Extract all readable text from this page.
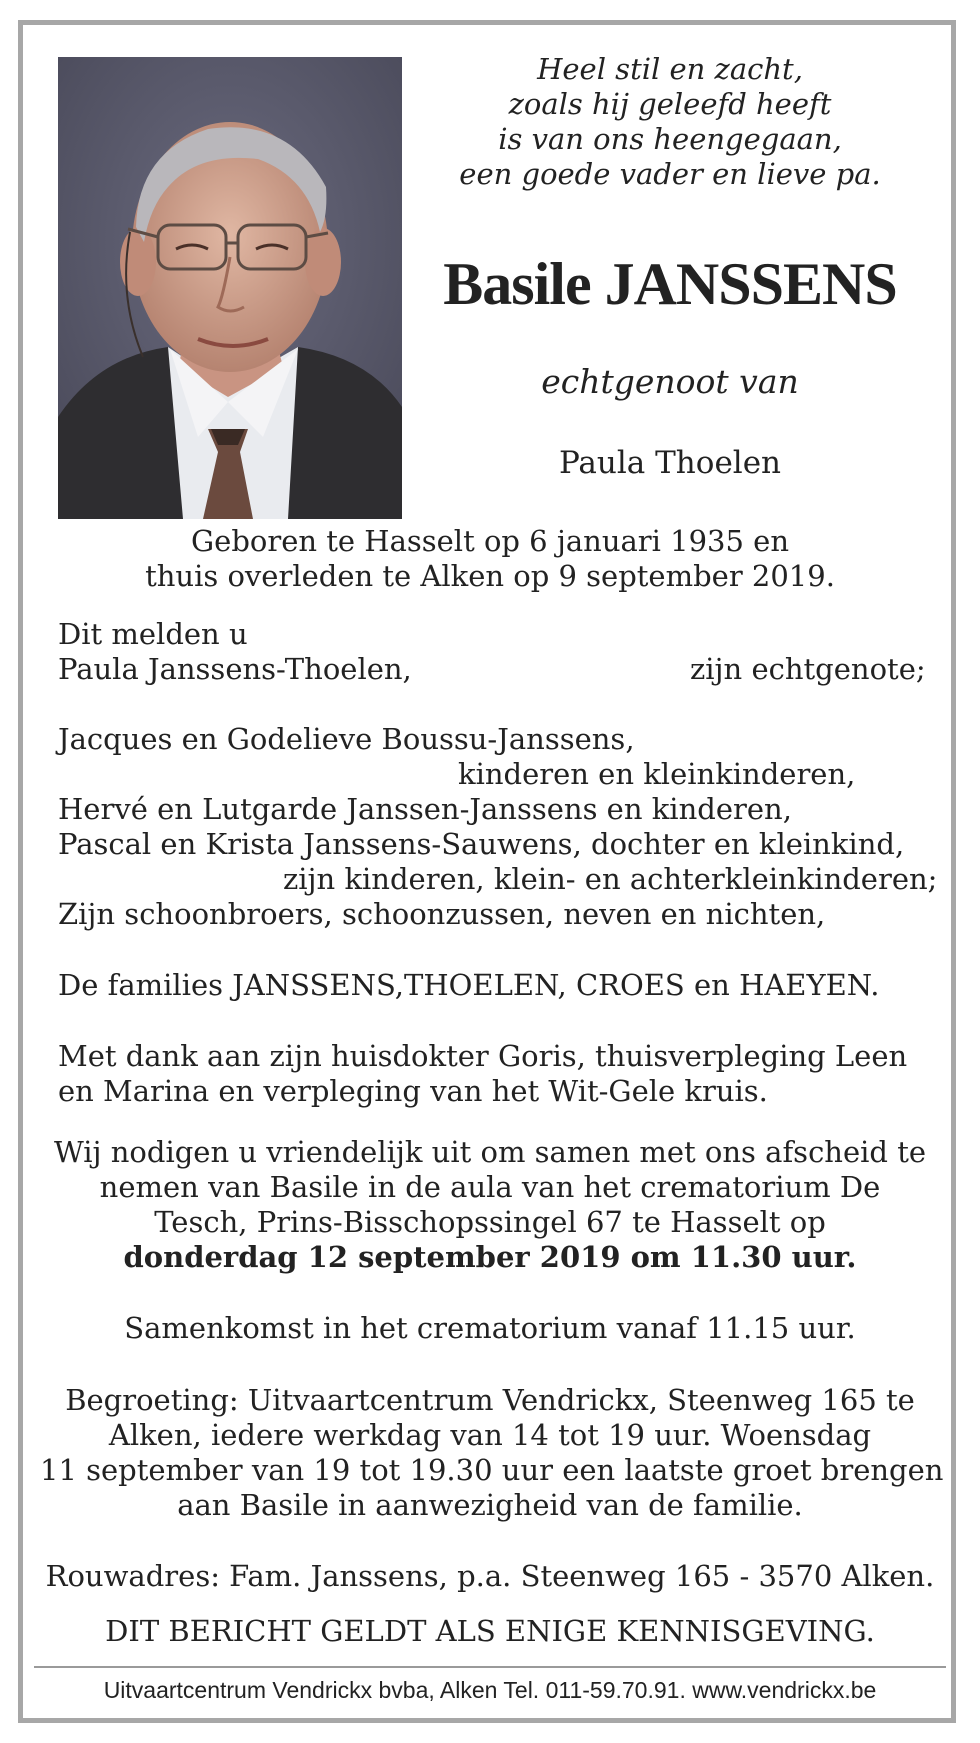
Heel stil en zacht,
zoals hij geleefd heeft
is van ons heengegaan,
een goede vader en lieve pa.
Basile JANSSENS
echtgenoot van
Paula Thoelen
Geboren te Hasselt op 6 januari 1935 en
thuis overleden te Alken op 9 september 2019.
Dit melden u
Paula Janssens-Thoelen,	zijn echtgenote;
Jacques en Godelieve Boussu-Janssens,
kinderen en kleinkinderen,
Hervé en Lutgarde Janssen-Janssens en kinderen,
Pascal en Krista Janssens-Sauwens, dochter en kleinkind,
zijn kinderen, klein- en achterkleinkinderen;
Zijn schoonbroers, schoonzussen, neven en nichten,
De families JANSSENS,THOELEN, CROES en HAEYEN.
Met dank aan zijn huisdokter Goris, thuisverpleging Leen
en Marina en verpleging van het Wit-Gele kruis.
Wij nodigen u vriendelijk uit om samen met ons afscheid te
nemen van Basile in de aula van het crematorium De
Tesch, Prins-Bisschopssingel 67 te Hasselt op
donderdag 12 september 2019 om 11.30 uur.
Samenkomst in het crematorium vanaf 11.15 uur.
Begroeting: Uitvaartcentrum Vendrickx, Steenweg 165 te
Alken, iedere werkdag van 14 tot 19 uur. Woensdag
11 september van 19 tot 19.30 uur een laatste groet brengen
aan Basile in aanwezigheid van de familie.
Rouwadres: Fam. Janssens, p.a. Steenweg 165 - 3570 Alken.
DIT BERICHT GELDT ALS ENIGE KENNISGEVING.
Uitvaartcentrum Vendrickx bvba, Alken Tel. 011-59.70.91. www.vendrickx.be
